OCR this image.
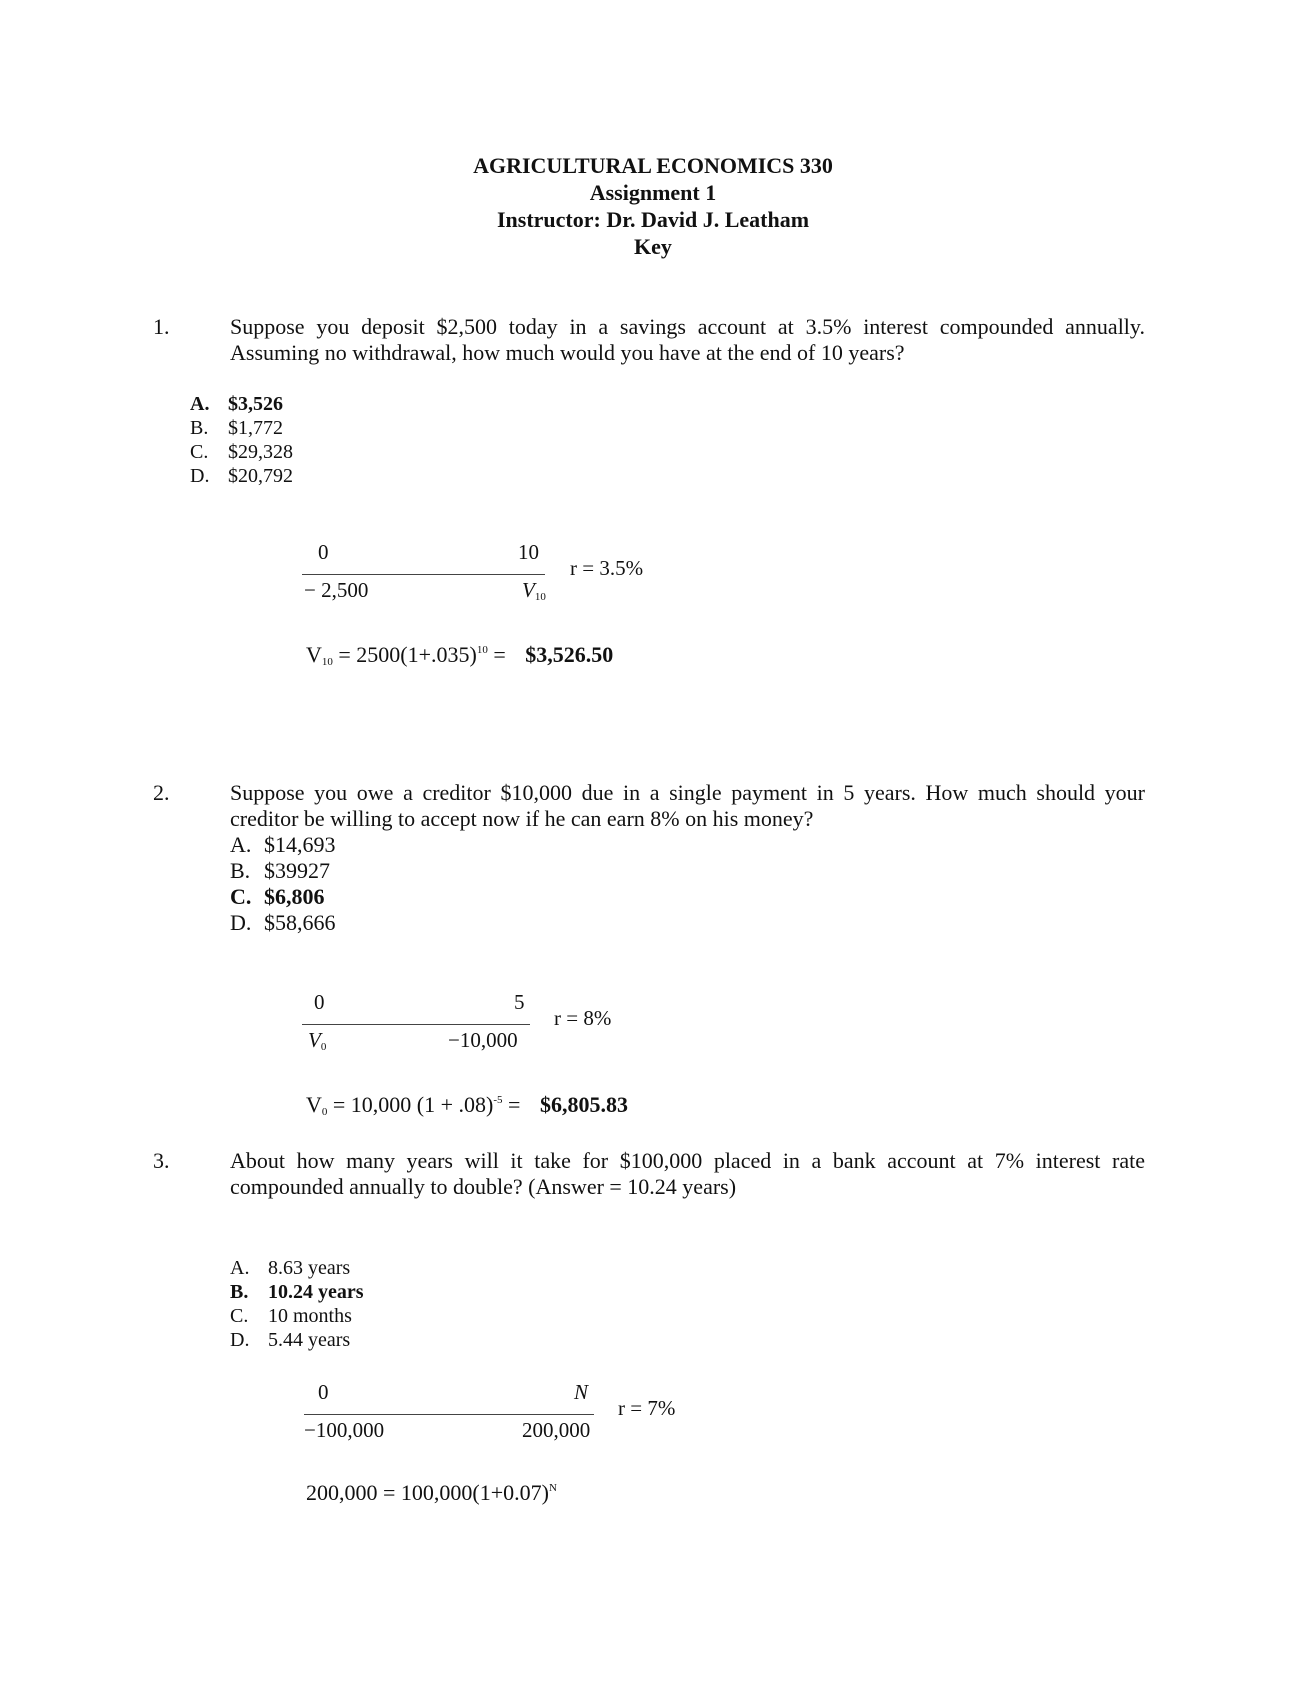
AGRICULTURAL ECONOMICS 330
Assignment 1
Instructor: Dr. David J. Leatham
Key
1.	Suppose you deposit $2,500 today in a savings account at 3.5% interest compounded annually. Assuming no withdrawal, how much would you have at the end of 10 years?
A. $3,526
B. $1,772
C. $29,328
D. $20,792
0	10
− 2,500	$V_{10}$
r = 3.5%
$V_{10} = 2500(1+.035)^{10}$ = $3,526.50
2.	Suppose you owe a creditor $10,000 due in a single payment in 5 years. How much should your creditor be willing to accept now if he can earn 8% on his money?
A. $14,693
B. $39927
C. $6,806
D. $58,666
0	5
$V_0$	−10,000
r = 8%
$V_0 = 10,000$ $(1 + .08)^{-5}$ = $6,805.83
3.	About how many years will it take for $100,000 placed in a bank account at 7% interest rate compounded annually to double? (Answer = 10.24 years)
A. 8.63 years
B. 10.24 years
C. 10 months
D. 5.44 years
0	N
−100,000	200,000
r = 7%
$200,000 = 100,000(1+0.07)^N$
